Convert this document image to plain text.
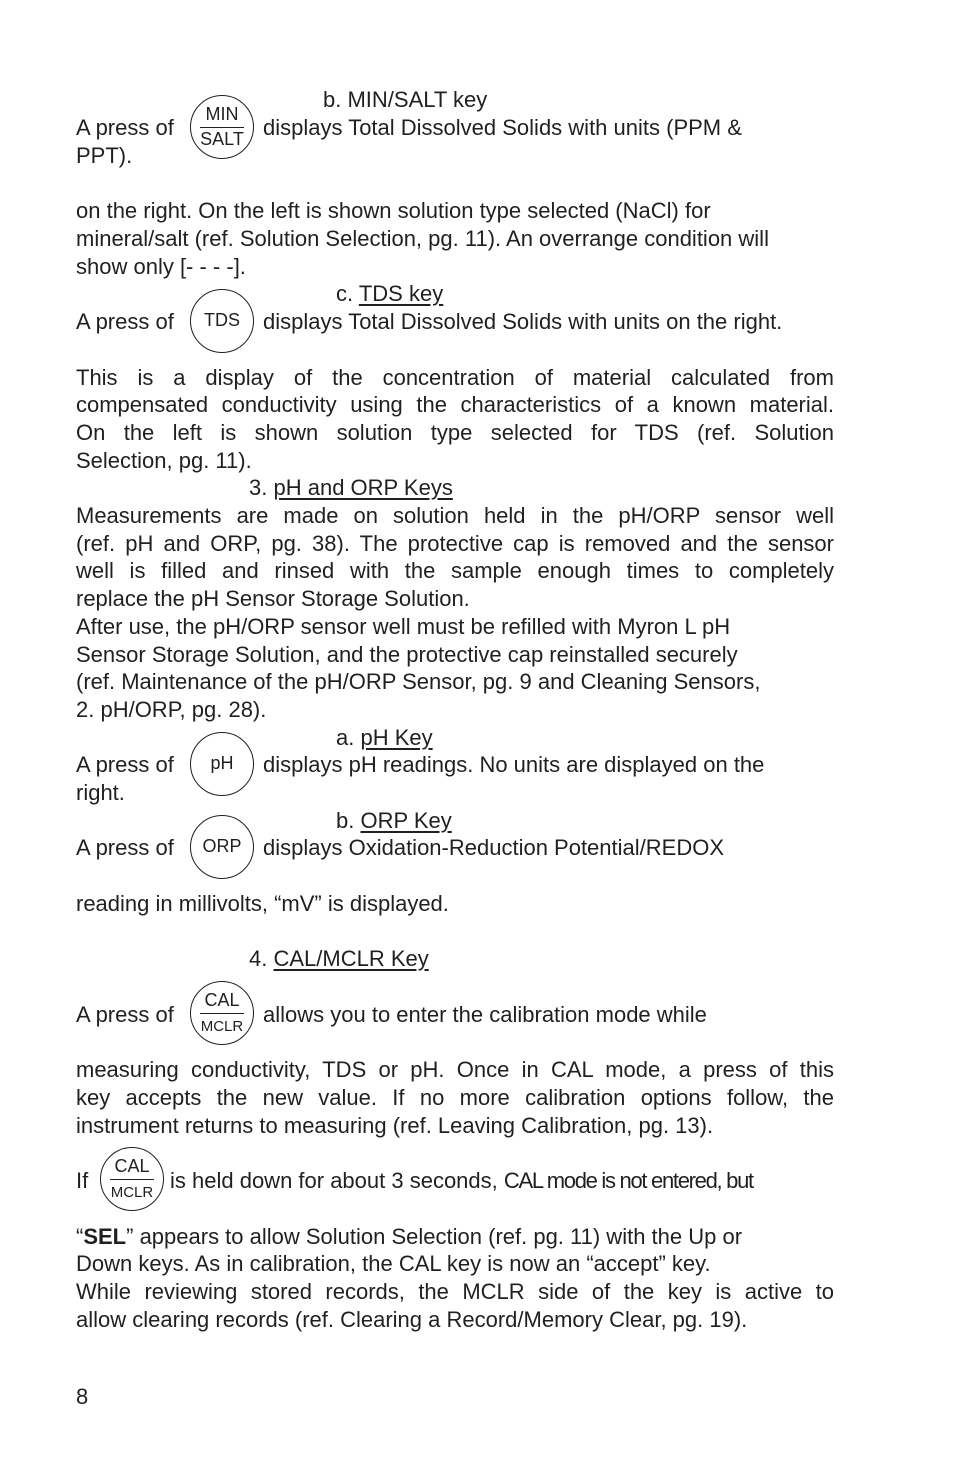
b. MIN/SALT key
A press of
MIN
SALT displays Total Dissolved Solids with units (PPM &
PPT).
on the right. On the left is shown solution type selected (NaCl) for
mineral/salt (ref. Solution Selection, pg. 11). An overrange condition will
show only [- - - -].
c. TDS key
A press of	TDS	displays Total Dissolved Solids with units on the right.
This is a display of the concentration of material calculated from
compensated conductivity using the characteristics of a known material.
On the left is shown solution type selected for TDS (ref. Solution
Selection, pg. 11).
3. pH and ORP Keys
Measurements are made on solution held in the pH/ORP sensor well
(ref. pH and ORP, pg. 38). The protective cap is removed and the sensor
well is filled and rinsed with the sample enough times to completely
replace the pH Sensor Storage Solution.
After use, the pH/ORP sensor well must be refilled with Myron L pH
Sensor Storage Solution, and the protective cap reinstalled securely
(ref. Maintenance of the pH/ORP Sensor, pg. 9 and Cleaning Sensors,
2. pH/ORP, pg. 28).
a. pH Key
A press of	pH	displays pH readings. No units are displayed on the
right.
b. ORP Key
A press of	ORP displays Oxidation-Reduction Potential/REDOX
reading in millivolts, “mV” is displayed.
4. CAL/MCLR Key
A press of
CAL
MCLR allows you to enter the calibration mode while
measuring conductivity, TDS or pH. Once in CAL mode, a press of this
key accepts the new value. If no more calibration options follow, the
instrument returns to measuring (ref. Leaving Calibration, pg. 13).
If
CAL
MCLR is held down for about 3 seconds, CAL mode is not entered, but
“SEL” appears to allow Solution Selection (ref. pg. 11) with the Up or
Down keys. As in calibration, the CAL key is now an “accept” key.
While reviewing stored records, the MCLR side of the key is active to
allow clearing records (ref. Clearing a Record/Memory Clear, pg. 19).
8
